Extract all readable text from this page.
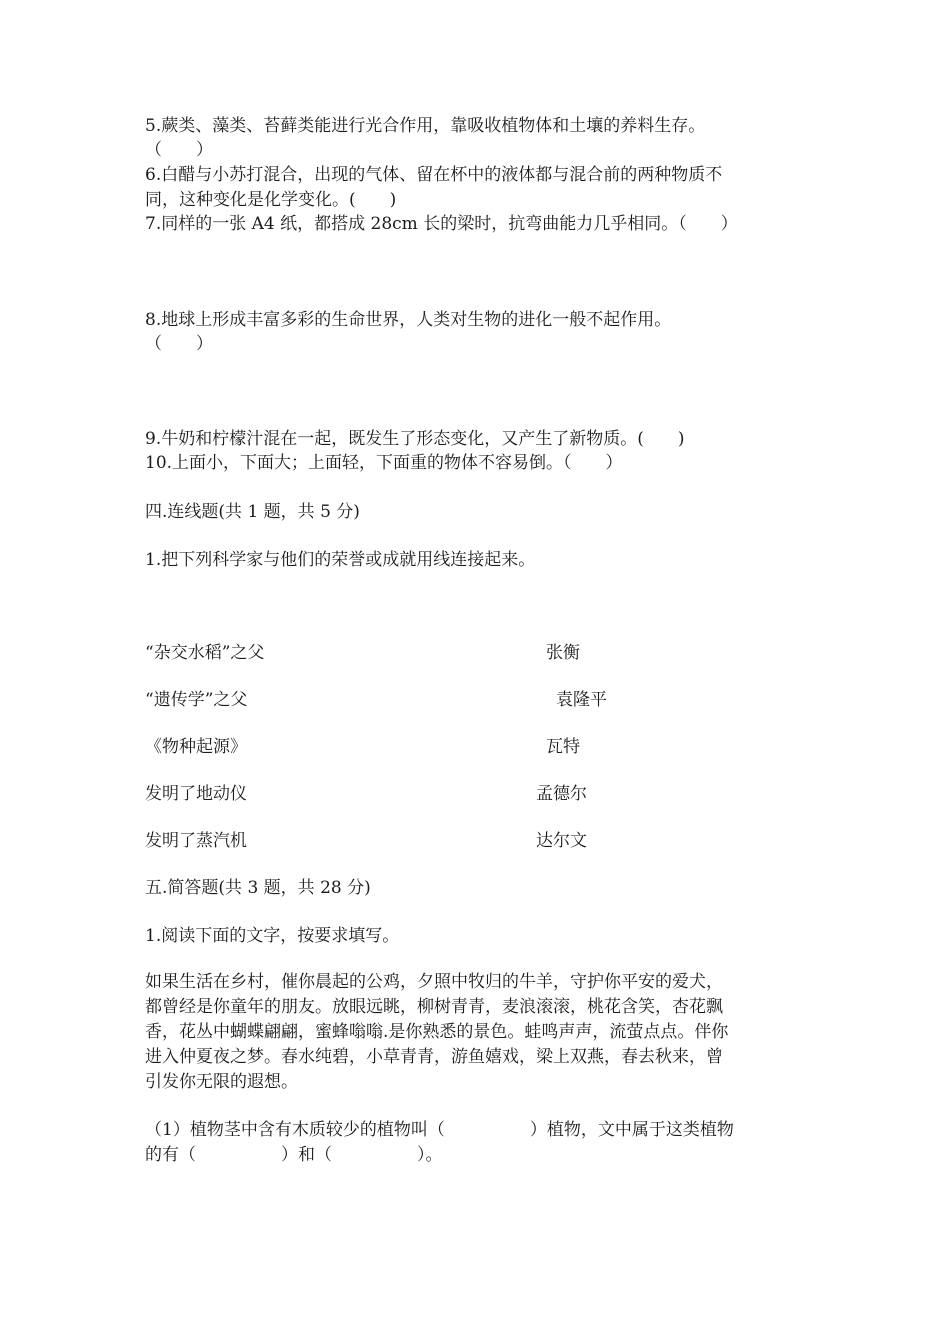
5.蕨类、藻类、苔藓类能进行光合作用，靠吸收植物体和土壤的养料生存。
（　　）
6.白醋与小苏打混合，出现的气体、留在杯中的液体都与混合前的两种物质不
同，这种变化是化学变化。(　　)
7.同样的一张 A4 纸，都搭成 28cm 长的梁时，抗弯曲能力几乎相同。（　　）
8.地球上形成丰富多彩的生命世界，人类对生物的进化一般不起作用。
（　　）
9.牛奶和柠檬汁混在一起，既发生了形态变化，又产生了新物质。(　　)
10.上面小，下面大；上面轻，下面重的物体不容易倒。（　　）
四.连线题(共 1 题，共 5 分)
1.把下列科学家与他们的荣誉或成就用线连接起来。
“杂交水稻”之父	张衡
“遗传学”之父	袁隆平
《物种起源》	瓦特
发明了地动仪	孟德尔
发明了蒸汽机	达尔文
五.简答题(共 3 题，共 28 分)
1.阅读下面的文字，按要求填写。
如果生活在乡村，催你晨起的公鸡，夕照中牧归的牛羊，守护你平安的爱犬，
都曾经是你童年的朋友。放眼远眺，柳树青青，麦浪滚滚，桃花含笑，杏花飘
香，花丛中蝴蝶翩翩，蜜蜂嗡嗡.是你熟悉的景色。蛙鸣声声，流萤点点。伴你
进入仲夏夜之梦。春水纯碧，小草青青，游鱼嬉戏，梁上双燕，春去秋来，曾
引发你无限的遐想。
（1）植物茎中含有木质较少的植物叫（　　　　　）植物，文中属于这类植物
的有（　　　　　）和（　　　　　）。
